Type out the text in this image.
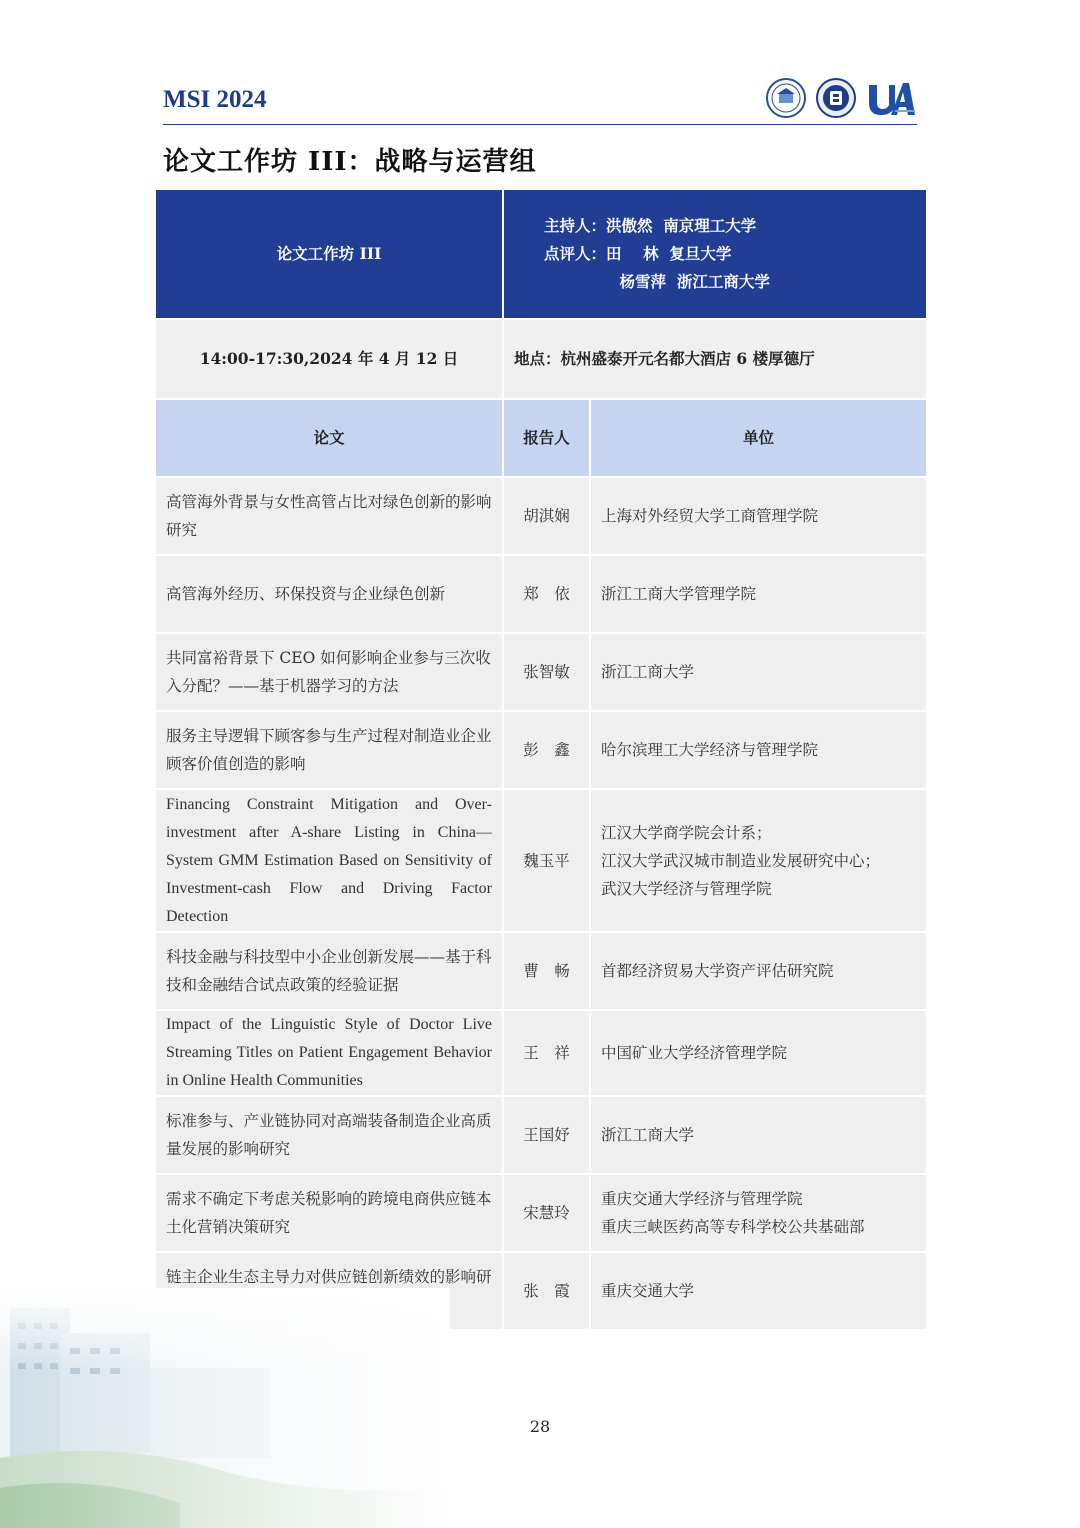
MSI 2024
论文工作坊 III：战略与运营组
论文工作坊 III	主持人：洪傲然  南京理工大学
点评人：田    林  复旦大学
杨雪萍  浙江工商大学	

14:00-17:30,2024 年 4 月 12 日	地点：杭州盛泰开元名都大酒店 6 楼厚德厅	
论文	报告人	单位
高管海外背景与女性高管占比对绿色创新的影响研究	胡淇娴	上海对外经贸大学工商管理学院

高管海外经历、环保投资与企业绿色创新	郑　依	浙江工商大学管理学院

共同富裕背景下 CEO 如何影响企业参与三次收入分配？——基于机器学习的方法	张智敏	浙江工商大学

服务主导逻辑下顾客参与生产过程对制造业企业顾客价值创造的影响	彭　鑫	哈尔滨理工大学经济与管理学院

Financing Constraint Mitigation and Over-investment after A-share Listing in China—System GMM Estimation Based on Sensitivity of Investment-cash Flow and Driving Factor Detection	魏玉平	江汉大学商学院会计系；
江汉大学武汉城市制造业发展研究中心；
武汉大学经济与管理学院

科技金融与科技型中小企业创新发展——基于科技和金融结合试点政策的经验证据	曹　畅	首都经济贸易大学资产评估研究院

Impact of the Linguistic Style of Doctor Live Streaming Titles on Patient Engagement Behavior in Online Health Communities	王　祥	中国矿业大学经济管理学院

标准参与、产业链协同对高端装备制造企业高质量发展的影响研究	王国妤	浙江工商大学

需求不确定下考虑关税影响的跨境电商供应链本土化营销决策研究	宋慧玲	重庆交通大学经济与管理学院
重庆三峡医药高等专科学校公共基础部

链主企业生态主导力对供应链创新绩效的影响研	张　霞	重庆交通大学
28
